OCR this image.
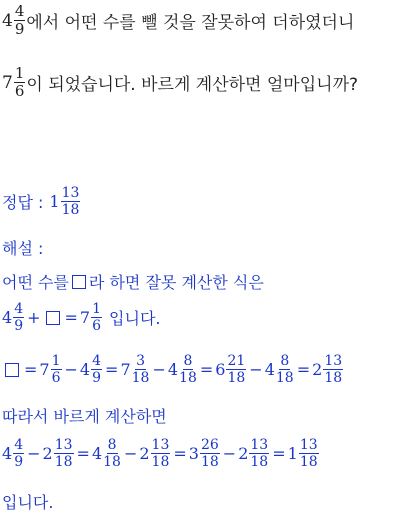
$4 \frac{4}{9}$ 에서 어떤 수를 뺄 것을 잘못하여 더하였더니
$7 \frac{1}{6}$ 이 되었습니다. 바르게 계산하면 얼마입니까?
정답 : $1 \frac{13}{18}$
해설 :
어떤 수를 라 하면 잘못 계산한 식은
$4 \frac{4}{9}$ + = $7 \frac{1}{6}$ 입니다.
= $7 \frac{1}{6} - 4 \frac{4}{9} = 7 \frac{3}{18} - 4 \frac{8}{18} = 6 \frac{21}{18} - 4 \frac{8}{18} = 2 \frac{13}{18}$
따라서 바르게 계산하면
$4 \frac{4}{9} - 2 \frac{13}{18} = 4 \frac{8}{18} - 2 \frac{13}{18} = 3 \frac{26}{18} - 2 \frac{13}{18} = 1 \frac{13}{18}$
입니다.
